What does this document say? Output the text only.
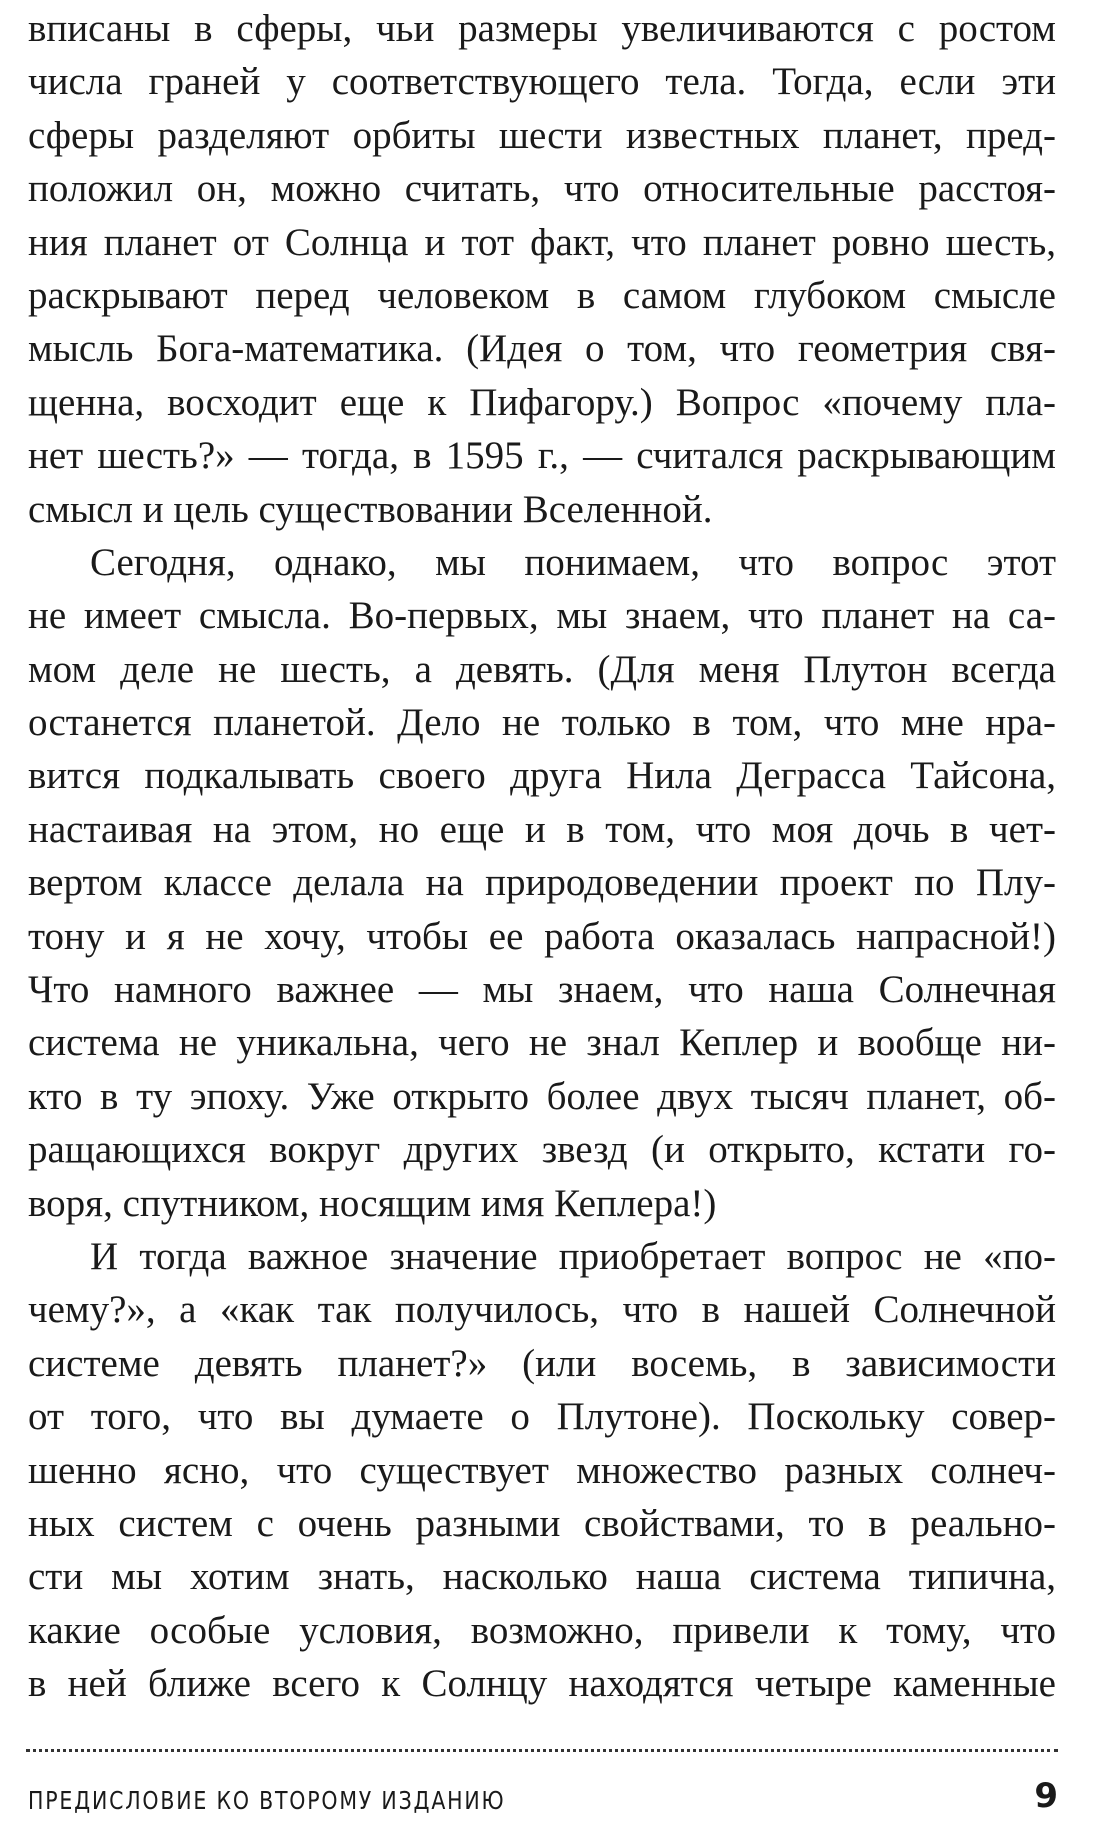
вписаны в сферы, чьи размеры увеличиваются с ростом
числа граней у соответствующего тела. Тогда, если эти
сферы разделяют орбиты шести известных планет, пред-
положил он, можно считать, что относительные расстоя-
ния планет от Солнца и тот факт, что планет ровно шесть,
раскрывают перед человеком в самом глубоком смысле
мысль Бога-математика. (Идея о том, что геометрия свя-
щенна, восходит еще к Пифагору.) Вопрос «почему пла-
нет шесть?» — тогда, в 1595 г., — считался раскрывающим
смысл и цель существовании Вселенной.
Сегодня, однако, мы понимаем, что вопрос этот
не имеет смысла. Во-первых, мы знаем, что планет на са-
мом деле не шесть, а девять. (Для меня Плутон всегда
останется планетой. Дело не только в том, что мне нра-
вится подкалывать своего друга Нила Деграсса Тайсона,
настаивая на этом, но еще и в том, что моя дочь в чет-
вертом классе делала на природоведении проект по Плу-
тону и я не хочу, чтобы ее работа оказалась напрасной!)
Что намного важнее — мы знаем, что наша Солнечная
система не уникальна, чего не знал Кеплер и вообще ни-
кто в ту эпоху. Уже открыто более двух тысяч планет, об-
ращающихся вокруг других звезд (и открыто, кстати го-
воря, спутником, носящим имя Кеплера!)
И тогда важное значение приобретает вопрос не «по-
чему?», а «как так получилось, что в нашей Солнечной
системе девять планет?» (или восемь, в зависимости
от того, что вы думаете о Плутоне). Поскольку совер-
шенно ясно, что существует множество разных солнеч-
ных систем с очень разными свойствами, то в реально-
сти мы хотим знать, насколько наша система типична,
какие особые условия, возможно, привели к тому, что
в ней ближе всего к Солнцу находятся четыре каменные
ПРЕДИСЛОВИЕ КО ВТОРОМУ ИЗДАНИЮ	9
